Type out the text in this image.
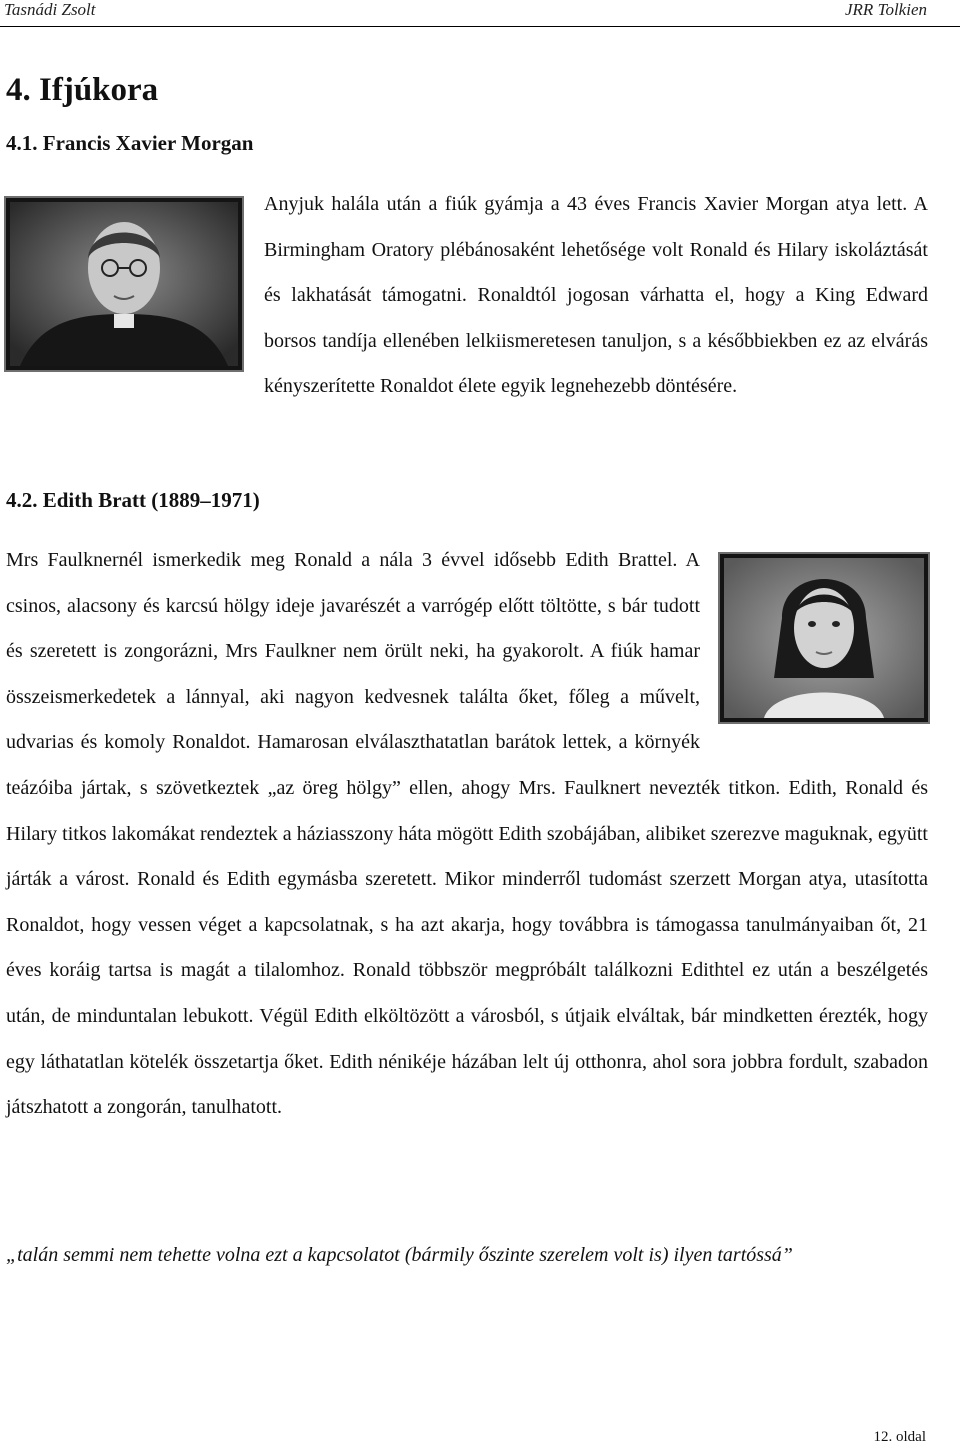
Tasnádi Zsolt	JRR Tolkien
4. Ifjúkora
4.1. Francis Xavier Morgan
Anyjuk halála után a fiúk gyámja a 43 éves Francis Xavier Morgan atya lett. A Birmingham Oratory plébánosaként lehetősége volt Ronald és Hilary iskoláztását és lakhatását támogatni. Ronaldtól jogosan várhatta el, hogy a King Edward borsos tandíja ellenében lelkiismeretesen tanuljon, s a későbbiekben ez az elvárás kényszerítette Ronaldot élete egyik legnehezebb döntésére.
4.2. Edith Bratt (1889–1971)
Mrs Faulknernél ismerkedik meg Ronald a nála 3 évvel idősebb Edith Brattel. A csinos, alacsony és karcsú hölgy ideje javarészét a varrógép előtt töltötte, s bár tudott és szeretett is zongorázni, Mrs Faulkner nem örült neki, ha gyakorolt. A fiúk hamar összeismerkedetek a lánnyal, aki nagyon kedvesnek találta őket, főleg a művelt, udvarias és komoly Ronaldot. Hamarosan elválaszthatatlan barátok lettek, a környék teázóiba jártak, s szövetkeztek „az öreg hölgy” ellen, ahogy Mrs. Faulknert nevezték titkon. Edith, Ronald és Hilary titkos lakomákat rendeztek a háziasszony háta mögött Edith szobájában, alibiket szerezve maguknak, együtt járták a várost. Ronald és Edith egymásba szeretett. Mikor minderről tudomást szerzett Morgan atya, utasította Ronaldot, hogy vessen véget a kapcsolatnak, s ha azt akarja, hogy továbbra is támogassa tanulmányaiban őt, 21 éves koráig tartsa is magát a tilalomhoz. Ronald többször megpróbált találkozni Edithtel ez után a beszélgetés után, de minduntalan lebukott. Végül Edith elköltözött a városból, s útjaik elváltak, bár mindketten érezték, hogy egy láthatatlan kötelék összetartja őket. Edith nénikéje házában lelt új otthonra, ahol sora jobbra fordult, szabadon játszhatott a zongorán, tanulhatott.
„talán semmi nem tehette volna ezt a kapcsolatot (bármily őszinte szerelem volt is) ilyen tartóssá”
12. oldal
